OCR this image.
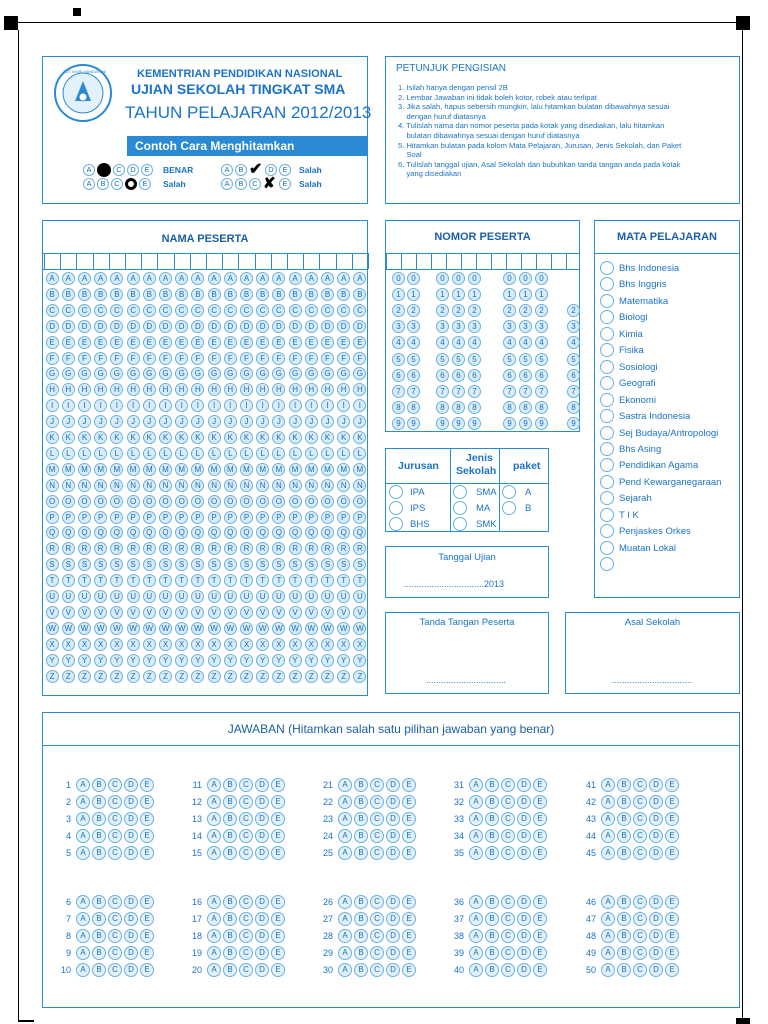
TUT WURI HANDAYANI	KEMENTRIAN PENDIDIKAN NASIONAL
UJIAN SEKOLAH TINGKAT SMA
TAHUN PELAJARAN 2012/2013
Contoh Cara Menghitamkan
A	C	D	E	BENAR
A	B	C	E	Salah
A	B ✔ D	E	Salah
A	B	C ✘ E	Salah
PETUNJUK PENGISIAN
1. Isilah hanya dengan pensil 2B
2. Lembar Jawaban ini tidak boleh kotor, robek atau terlipat
3. Jika salah, hapus sebersih mungkin, lalu hitamkan bulatan dibawahnya sesuai
dengan huruf diatasnya
4. Tulislah nama dan nomor peserta pada kotak yang disediakan, lalu hitamkan
bulatan dibawahnya sesuai dengan huruf diatasnya
5. Hitamkan bulatan pada kolom Mata Pelajaran, Jurusan, Jenis Sekolah, dan Paket
Soal
6. Tulislah tanggal ujian, Asal Sekolah dan bubuhkan tanda tangan anda pada kotak
yang disediakan
NAMA PESERTA
A	A	A	A	A	A	A	A	A	A	A	A	A	A	A	A	A	A	A	A
B	B	B	B	B	B	B	B	B	B	B	B	B	B	B	B	B	B	B	B
C	C	C	C	C	C	C	C	C	C	C	C	C	C	C	C	C	C	C	C
D	D	D	D	D	D	D	D	D	D	D	D	D	D	D	D	D	D	D	D
E	E	E	E	E	E	E	E	E	E	E	E	E	E	E	E	E	E	E	E
F	F	F	F	F	F	F	F	F	F	F	F	F	F	F	F	F	F	F	F
G	G	G	G	G	G	G	G	G	G	G	G	G	G	G	G	G	G	G	G
H	H	H	H	H	H	H	H	H	H	H	H	H	H	H	H	H	H	H	H
I	I	I	I	I	I	I	I	I	I	I	I	I	I	I	I	I	I	I	I
J	J	J	J	J	J	J	J	J	J	J	J	J	J	J	J	J	J	J	J
K	K	K	K	K	K	K	K	K	K	K	K	K	K	K	K	K	K	K	K
L	L	L	L	L	L	L	L	L	L	L	L	L	L	L	L	L	L	L	L
M	M	M	M	M	M	M	M	M	M	M	M	M	M	M	M	M	M	M	M
N	N	N	N	N	N	N	N	N	N	N	N	N	N	N	N	N	N	N	N
O	O	O	O	O	O	O	O	O	O	O	O	O	O	O	O	O	O	O	O
P	P	P	P	P	P	P	P	P	P	P	P	P	P	P	P	P	P	P	P
Q	Q	Q	Q	Q	Q	Q	Q	Q	Q	Q	Q	Q	Q	Q	Q	Q	Q	Q	Q
R	R	R	R	R	R	R	R	R	R	R	R	R	R	R	R	R	R	R	R
S	S	S	S	S	S	S	S	S	S	S	S	S	S	S	S	S	S	S	S
T	T	T	T	T	T	T	T	T	T	T	T	T	T	T	T	T	T	T	T
U	U	U	U	U	U	U	U	U	U	U	U	U	U	U	U	U	U	U	U
V	V	V	V	V	V	V	V	V	V	V	V	V	V	V	V	V	V	V	V
W	W	W	W	W	W	W	W	W	W	W	W	W	W	W	W	W	W	W	W
X	X	X	X	X	X	X	X	X	X	X	X	X	X	X	X	X	X	X	X
Y	Y	Y	Y	Y	Y	Y	Y	Y	Y	Y	Y	Y	Y	Y	Y	Y	Y	Y	Y
Z	Z	Z	Z	Z	Z	Z	Z	Z	Z	Z	Z	Z	Z	Z	Z	Z	Z	Z	Z
NOMOR PESERTA
0	0	0	0	0	0	0	0
1	1	1	1	1	1	1	1
2	2	2	2	2	2	2	2	2
3	3	3	3	3	3	3	3	3
4	4	4	4	4	4	4	4	4
5	5	5	5	5	5	5	5	5
6	6	6	6	6	6	6	6	6
7	7	7	7	7	7	7	7	7
8	8	8	8	8	8	8	8	8
9	9	9	9	9	9	9	9	9
MATA PELAJARAN
Bhs Indonesia
Bhs Inggris
Matematika
Biologi
Kimia
Fisika
Sosiologi
Geografi
Ekonomi
Sastra Indonesia
Sej Budaya/Antropologi
Bhs Asing
Pendidikan Agama
Pend Kewarganegaraan
Sejarah
T I K
Penjaskes Orkes
Muatan Lokal
Jurusan
Jenis
Sekolah paket
IPA
IPS
BHS
SMA
MA
SMK
A
B
Tanggal Ujian
................................2013
Tanda Tangan Peserta
................................
Asal Sekolah
................................
JAWABAN (Hitamkan salah satu pilihan jawaban yang benar)
1	A	B	C	D	E
2	A	B	C	D	E
3	A	B	C	D	E
4	A	B	C	D	E
5	A	B	C	D	E
6	A	B	C	D	E
7	A	B	C	D	E
8	A	B	C	D	E
9	A	B	C	D	E
10	A	B	C	D	E
11	A	B	C	D	E
12	A	B	C	D	E
13	A	B	C	D	E
14	A	B	C	D	E
15	A	B	C	D	E
16	A	B	C	D	E
17	A	B	C	D	E
18	A	B	C	D	E
19	A	B	C	D	E
20	A	B	C	D	E
21	A	B	C	D	E
22	A	B	C	D	E
23	A	B	C	D	E
24	A	B	C	D	E
25	A	B	C	D	E
26	A	B	C	D	E
27	A	B	C	D	E
28	A	B	C	D	E
29	A	B	C	D	E
30	A	B	C	D	E
31	A	B	C	D	E
32	A	B	C	D	E
33	A	B	C	D	E
34	A	B	C	D	E
35	A	B	C	D	E
36	A	B	C	D	E
37	A	B	C	D	E
38	A	B	C	D	E
39	A	B	C	D	E
40	A	B	C	D	E
41	A	B	C	D	E
42	A	B	C	D	E
43	A	B	C	D	E
44	A	B	C	D	E
45	A	B	C	D	E
46	A	B	C	D	E
47	A	B	C	D	E
48	A	B	C	D	E
49	A	B	C	D	E
50	A	B	C	D	E
